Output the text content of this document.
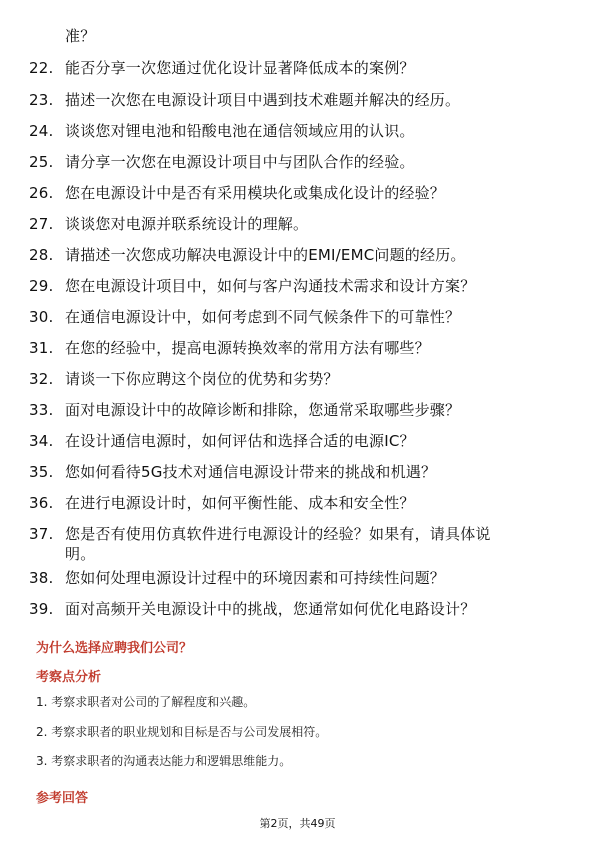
准？
22. 能否分享一次您通过优化设计显著降低成本的案例？
23. 描述一次您在电源设计项目中遇到技术难题并解决的经历。
24. 谈谈您对锂电池和铅酸电池在通信领域应用的认识。
25. 请分享一次您在电源设计项目中与团队合作的经验。
26. 您在电源设计中是否有采用模块化或集成化设计的经验？
27. 谈谈您对电源并联系统设计的理解。
28. 请描述一次您成功解决电源设计中的EMI/EMC问题的经历。
29. 您在电源设计项目中，如何与客户沟通技术需求和设计方案？
30. 在通信电源设计中，如何考虑到不同气候条件下的可靠性？
31. 在您的经验中，提高电源转换效率的常用方法有哪些？
32. 请谈一下你应聘这个岗位的优势和劣势？
33. 面对电源设计中的故障诊断和排除，您通常采取哪些步骤？
34. 在设计通信电源时，如何评估和选择合适的电源IC？
35. 您如何看待5G技术对通信电源设计带来的挑战和机遇？
36. 在进行电源设计时，如何平衡性能、成本和安全性？
37. 您是否有使用仿真软件进行电源设计的经验？如果有，请具体说
明。
38. 您如何处理电源设计过程中的环境因素和可持续性问题？
39. 面对高频开关电源设计中的挑战，您通常如何优化电路设计？
为什么选择应聘我们公司？
考察点分析
1. 考察求职者对公司的了解程度和兴趣。
2. 考察求职者的职业规划和目标是否与公司发展相符。
3. 考察求职者的沟通表达能力和逻辑思维能力。
参考回答
第2页，共49页
